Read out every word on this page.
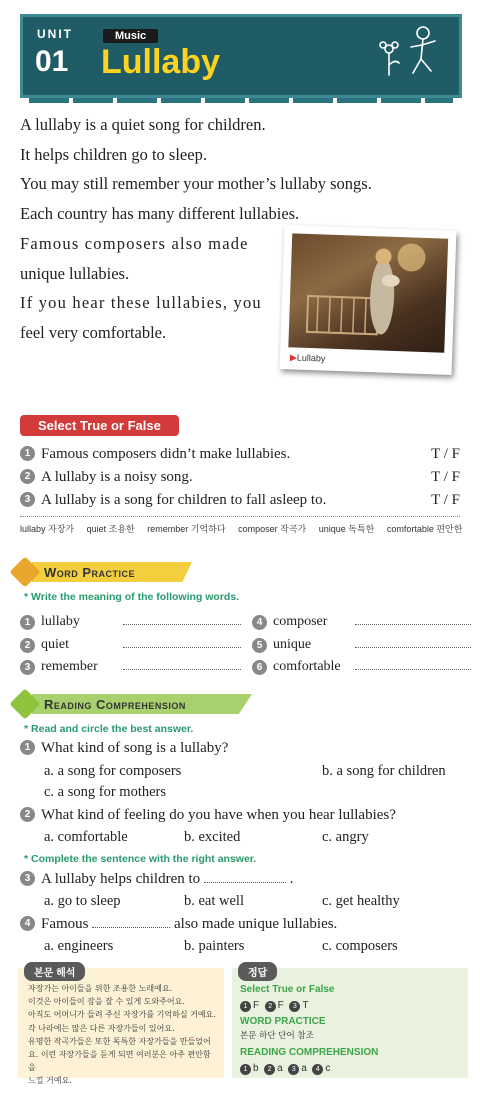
UNIT
01
Music
Lullaby

A lullaby is a quiet song for children.

It helps children go to sleep.

You may still remember your mother’s lullaby songs.

Each country has many different lullabies.

Famous composers also made

unique lullabies.

If you hear these lullabies, you

feel very comfortable.

▶Lullaby
Select True or False
1 Famous composers didn’t make lullabies.	T / F
2 A lullaby is a noisy song.	T / F
3 A lullaby is a song for children to fall asleep to.	T / F
lullaby 자장가 quiet 조용한 remember 기억하다 composer 작곡가 unique 독특한 comfortable 편안한
Word Practice
* Write the meaning of the following words.
1 lullaby
2 quiet
3 remember
4 composer
5 unique
6 comfortable
Reading Comprehension
* Read and circle the best answer.
1 What kind of song is a lullaby?
a. a song for composers	b. a song for children
c. a song for mothers
2 What kind of feeling do you have when you hear lullabies?
a. comfortable	b. excited	c. angry
* Complete the sentence with the right answer.
3 A lullaby helps children to	.
a. go to sleep	b. eat well	c. get healthy
4 Famous	also made unique lullabies.
a. engineers	b. painters	c. composers
본문 해석
자장가는 아이들을 위한 조용한 노래예요.
이것은 아이들이 잠을 잘 수 있게 도와주어요.
아직도 어머니가 들려 주신 자장가를 기억하실 거예요.
각 나라에는 많은 다른 자장가들이 있어요.
유명한 작곡가들은 또한 독특한 자장가들을 만들었어
요. 이런 자장가들을 듣게 되면 여러분은 아주 편안함을
느낄 거예요.
정답
Select True or False
1 F 2 F 3 T
WORD PRACTICE
본문 하단 단어 참조
READING COMPREHENSION
1 b 2 a 3 a 4 c
